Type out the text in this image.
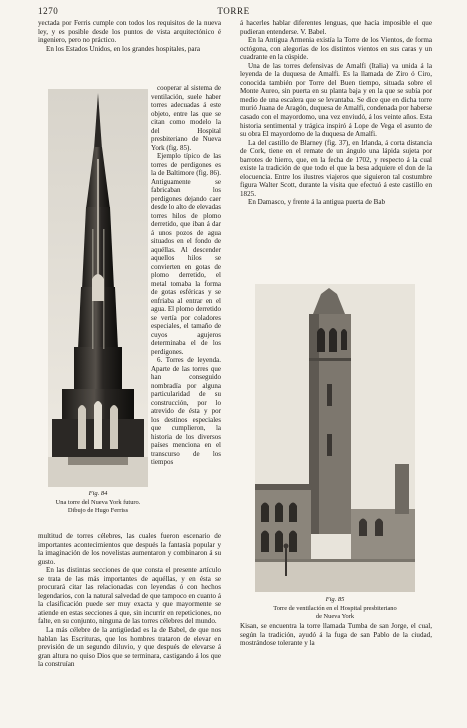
1270	TORRE

yectada por Ferris cumple con todos los requisitos de la nueva ley, y es posible desde los puntos de vista arquitectónico é ingeniero, pero no práctico.

En los Estados Unidos, en los grandes hospitales, para

Fig. 84
Una torre del Nueva York futuro.
Dibujo de Hugo Ferriss

cooperar al sistema de ventilación, suele haber torres adecuadas á este objeto, entre las que se citan como modelo la del Hospital presbiteriano de Nueva York (fig. 85).

Ejemplo típico de las torres de perdigones es la de Baltimore (fig. 86). Antiguamente se fabricaban los perdigones dejando caer desde lo alto de elevadas torres hilos de plomo derretido, que iban á dar á unos pozos de agua situados en el fondo de aquéllas. Al descender aquellos hilos se convierten en gotas de plomo derretido, el metal tomaba la forma de gotas esféricas y se enfriaba al entrar en el agua. El plomo derretido se vertía por coladores especiales, el tamaño de cuyos agujeros determinaba el de los perdigones.

6. Torres de leyenda. Aparte de las torres que han conseguido nombradía por alguna particularidad de su construcción, por lo atrevido de ésta y por los destinos especiales que cumplieron, la historia de los diversos países menciona en el transcurso de los tiempos

multitud de torres célebres, las cuales fueron escenario de importantes acontecimientos que después la fantasía popular y la imaginación de los novelistas aumentaron y combinaron á su gusto.

En las distintas secciones de que consta el presente artículo se trata de las más importantes de aquéllas, y en ésta se procurará citar las relacionadas con leyendas ó con hechos legendarios, con la natural salvedad de que tampoco en cuanto á la clasificación puede ser muy exacta y que mayormente se atiende en estas secciones á que, sin incurrir en repeticiones, no falte, en su conjunto, ninguna de las torres célebres del mundo.

La más célebre de la antigüedad es la de Babel, de que nos hablan las Escrituras, que los hombres trataron de elevar en previsión de un segundo diluvio, y que después de elevarse á gran altura no quiso Dios que se terminara, castigando á los que la construían

á hacerles hablar diferentes lenguas, que hacía imposible el que pudieran entenderse. V. Babel.

En la Antigua Armenia existía la Torre de los Vientos, de forma octógona, con alegorías de los distintos vientos en sus caras y un cuadrante en la cúspide.

Una de las torres defensivas de Amalfi (Italia) va unida á la leyenda de la duquesa de Amalfi. Es la llamada de Ziro ó Ciro, conocida también por Torre del Buen tiempo, situada sobre el Monte Aureo, sin puerta en su planta baja y en la que se subía por medio de una escalera que se levantaba. Se dice que en dicha torre murió Juana de Aragón, duquesa de Amalfi, condenada por haberse casado con el mayordomo, una vez enviudó, á los veinte años. Esta historia sentimental y trágica inspiró á Lope de Vega el asunto de su obra El mayordomo de la duquesa de Amalfi.

La del castillo de Blarney (fig. 37), en Irlanda, á corta distancia de Cork, tiene en el remate de un ángulo una lápida sujeta por barrotes de hierro, que, en la fecha de 1702, y respecto á la cual existe la tradición de que todo el que la besa adquiere el don de la elocuencia. Entre los ilustres viajeros que siguieron tal costumbre figura Walter Scott, durante la visita que efectuó á este castillo en 1825.

En Damasco, y frente á la antigua puerta de Bab

Fig. 85
Torre de ventilación en el Hospital presbiteriano
de Nueva York

Kisan, se encuentra la torre llamada Tumba de san Jorge, el cual, según la tradición, ayudó á la fuga de san Pablo de la ciudad, mostrándose tolerante y la
